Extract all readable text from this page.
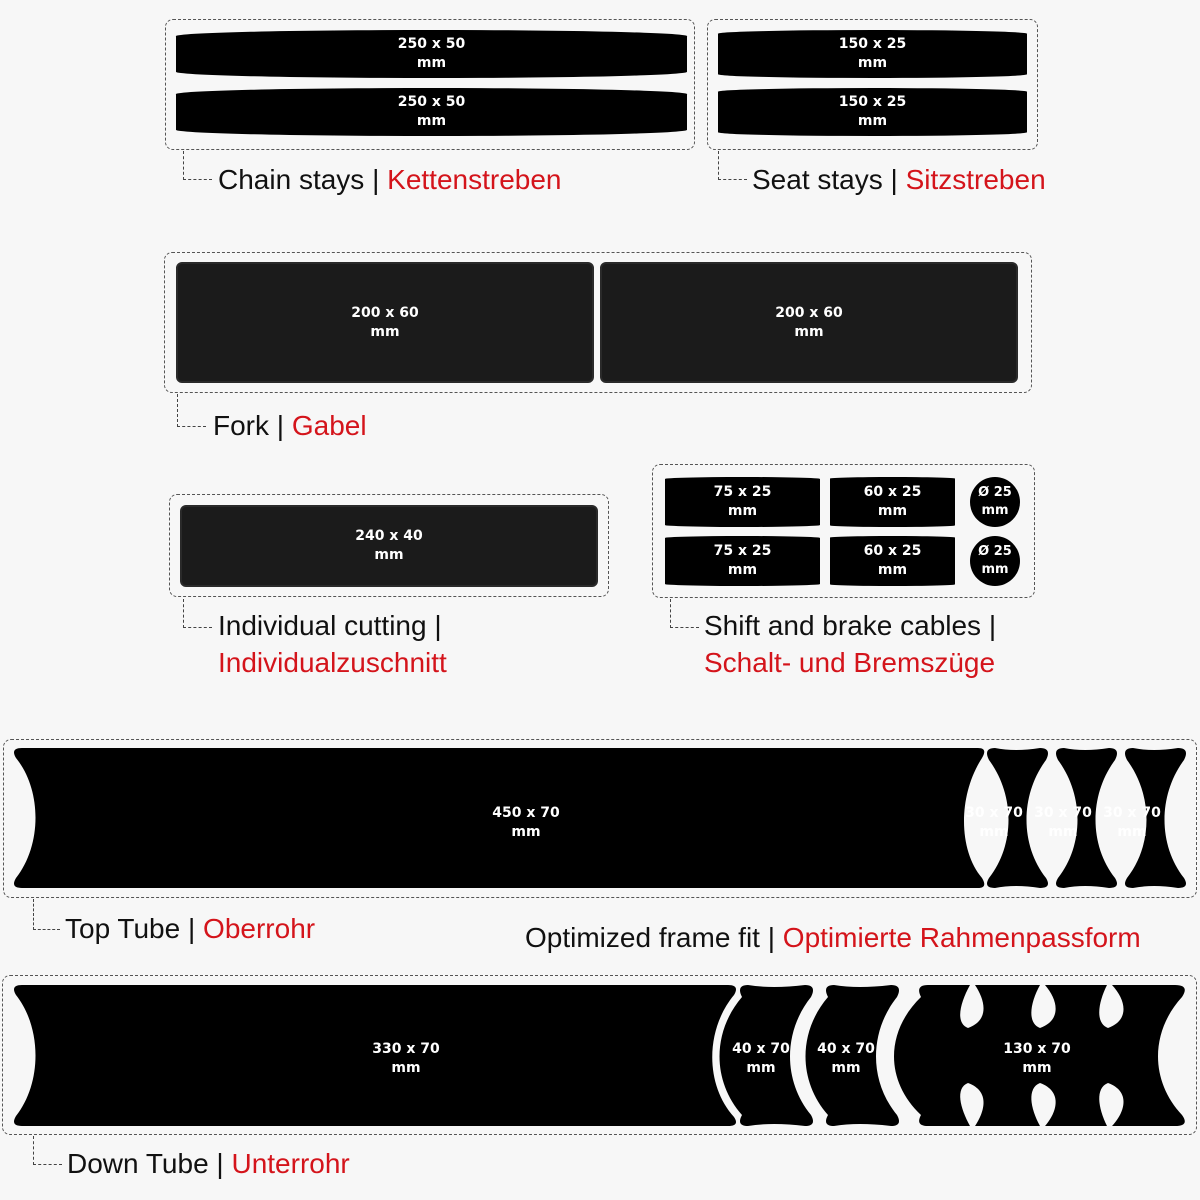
250 x 50
mm
250 x 50
mm
Chain stays | Kettenstreben
150 x 25
mm
150 x 25
mm
Seat stays | Sitzstreben
200 x 60
mm
200 x 60
mm
Fork | Gabel
240 x 40
mm
Individual cutting |
Individualzuschnitt
75 x 25
mm
60 x 25
mm
Ø 25
mm
75 x 25
mm
60 x 25
mm
Ø 25
mm
Shift and brake cables |
Schalt- und Bremszüge
450 x 70
mm
30 x 70
mm
30 x 70
mm
30 x 70
mm
Top Tube | Oberrohr	Optimized frame fit | Optimierte Rahmenpassform
330 x 70
mm
40 x 70
mm
40 x 70
mm
130 x 70
mm
Down Tube | Unterrohr
